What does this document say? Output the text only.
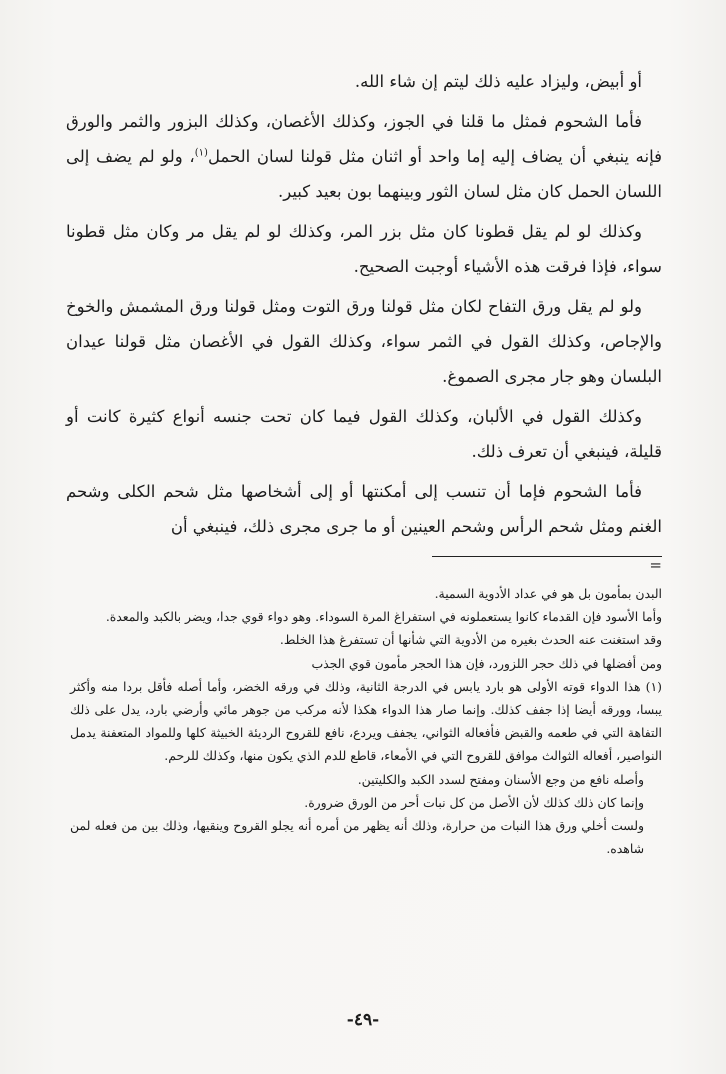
أو أبيض، وليزاد عليه ذلك ليتم إن شاء الله.

فأما الشحوم فمثل ما قلنا في الجوز، وكذلك الأغصان، وكذلك البزور والثمر والورق فإنه ينبغي أن يضاف إليه إما واحد أو اثنان مثل قولنا لسان الحمل$^{(١)}$، ولو لم يضف إلى اللسان الحمل كان مثل لسان الثور وبينهما بون بعيد كبير.

وكذلك لو لم يقل قطونا كان مثل بزر المر، وكذلك لو لم يقل مر وكان مثل قطونا سواء، فإذا فرقت هذه الأشياء أوجبت الصحيح.

ولو لم يقل ورق التفاح لكان مثل قولنا ورق التوت ومثل قولنا ورق المشمش والخوخ والإجاص، وكذلك القول في الثمر سواء، وكذلك القول في الأغصان مثل قولنا عيدان البلسان وهو جار مجرى الصموغ.

وكذلك القول في الألبان، وكذلك القول فيما كان تحت جنسه أنواع كثيرة كانت أو قليلة، فينبغي أن تعرف ذلك.

فأما الشحوم فإما أن تنسب إلى أمكنتها أو إلى أشخاصها مثل شحم الكلى وشحم الغنم ومثل شحم الرأس وشحم العينين أو ما جرى مجرى ذلك، فينبغي أن

=

البدن بمأمون بل هو في عداد الأدوية السمية.

وأما الأسود فإن القدماء كانوا يستعملونه في استفراغ المرة السوداء. وهو دواء قوي جدا، ويضر بالكبد والمعدة.

وقد استغنت عنه الحدث بغيره من الأدوية التي شأنها أن تستفرغ هذا الخلط.

ومن أفضلها في ذلك حجر اللزورد، فإن هذا الحجر مأمون قوي الجذب

(١) هذا الدواء قوته الأولى هو بارد يابس في الدرجة الثانية، وذلك في ورقه الخضر، وأما أصله فأقل بردا منه وأكثر يبسا، وورقه أيضا إذا جفف كذلك. وإنما صار هذا الدواء هكذا لأنه مركب من جوهر مائي وأرضي بارد، يدل على ذلك التفاهة التي في طعمه والقبض فأفعاله الثواني، يجفف ويردع، نافع للقروح الرديئة الخبيثة كلها وللمواد المتعفنة يدمل النواصير، أفعاله الثوالث موافق للقروح التي في الأمعاء، قاطع للدم الذي يكون منها، وكذلك للرحم.

وأصله نافع من وجع الأسنان ومفتح لسدد الكبد والكليتين.

وإنما كان ذلك كذلك لأن الأصل من كل نبات أحر من الورق ضرورة.

ولست أخلي ورق هذا النبات من حرارة، وذلك أنه يظهر من أمره أنه يجلو القروح وينقيها، وذلك بين من فعله لمن شاهده.

-٤٩-
